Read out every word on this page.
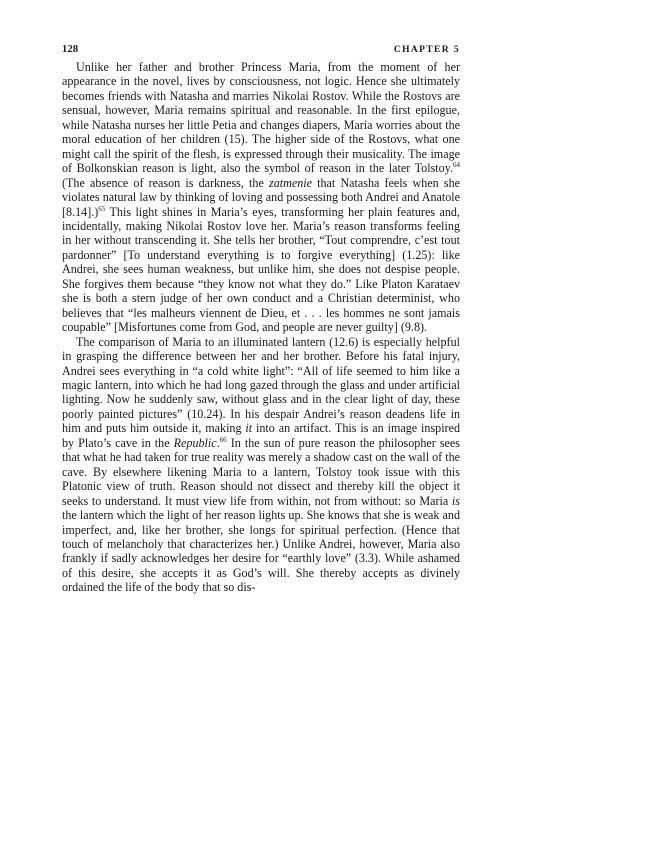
128	CHAPTER 5

Unlike her father and brother Princess Maria, from the moment of her appearance in the novel, lives by consciousness, not logic. Hence she ultimately becomes friends with Natasha and marries Nikolai Rostov. While the Rostovs are sensual, however, Maria remains spiritual and reasonable. In the first epilogue, while Natasha nurses her little Petia and changes diapers, Maria worries about the moral education of her children (15). The higher side of the Rostovs, what one might call the spirit of the flesh, is expressed through their musicality. The image of Bolkonskian reason is light, also the symbol of reason in the later Tolstoy.$^{64}$ (The absence of reason is darkness, the zatmenie that Natasha feels when she violates natural law by thinking of loving and possessing both Andrei and Anatole [8.14].)$^{65}$ This light shines in Maria’s eyes, transforming her plain features and, incidentally, making Nikolai Rostov love her. Maria’s reason transforms feeling in her without transcending it. She tells her brother, “Tout comprendre, c’est tout pardonner” [To understand everything is to forgive everything] (1.25): like Andrei, she sees human weakness, but unlike him, she does not despise people. She forgives them because “they know not what they do.” Like Platon Karataev she is both a stern judge of her own conduct and a Christian determinist, who believes that “les malheurs viennent de Dieu, et . . . les hommes ne sont jamais coupable” [Misfortunes come from God, and people are never guilty] (9.8).

The comparison of Maria to an illuminated lantern (12.6) is especially helpful in grasping the difference between her and her brother. Before his fatal injury, Andrei sees everything in “a cold white light”: “All of life seemed to him like a magic lantern, into which he had long gazed through the glass and under artificial lighting. Now he suddenly saw, without glass and in the clear light of day, these poorly painted pictures” (10.24). In his despair Andrei’s reason deadens life in him and puts him outside it, making it into an artifact. This is an image inspired by Plato’s cave in the Republic.$^{66}$ In the sun of pure reason the philosopher sees that what he had taken for true reality was merely a shadow cast on the wall of the cave. By elsewhere likening Maria to a lantern, Tolstoy took issue with this Platonic view of truth. Reason should not dissect and thereby kill the object it seeks to understand. It must view life from within, not from without: so Maria is the lantern which the light of her reason lights up. She knows that she is weak and imperfect, and, like her brother, she longs for spiritual perfection. (Hence that touch of melancholy that characterizes her.) Unlike Andrei, however, Maria also frankly if sadly acknowledges her desire for “earthly love” (3.3). While ashamed of this desire, she accepts it as God’s will. She thereby accepts as divinely ordained the life of the body that so dis-
